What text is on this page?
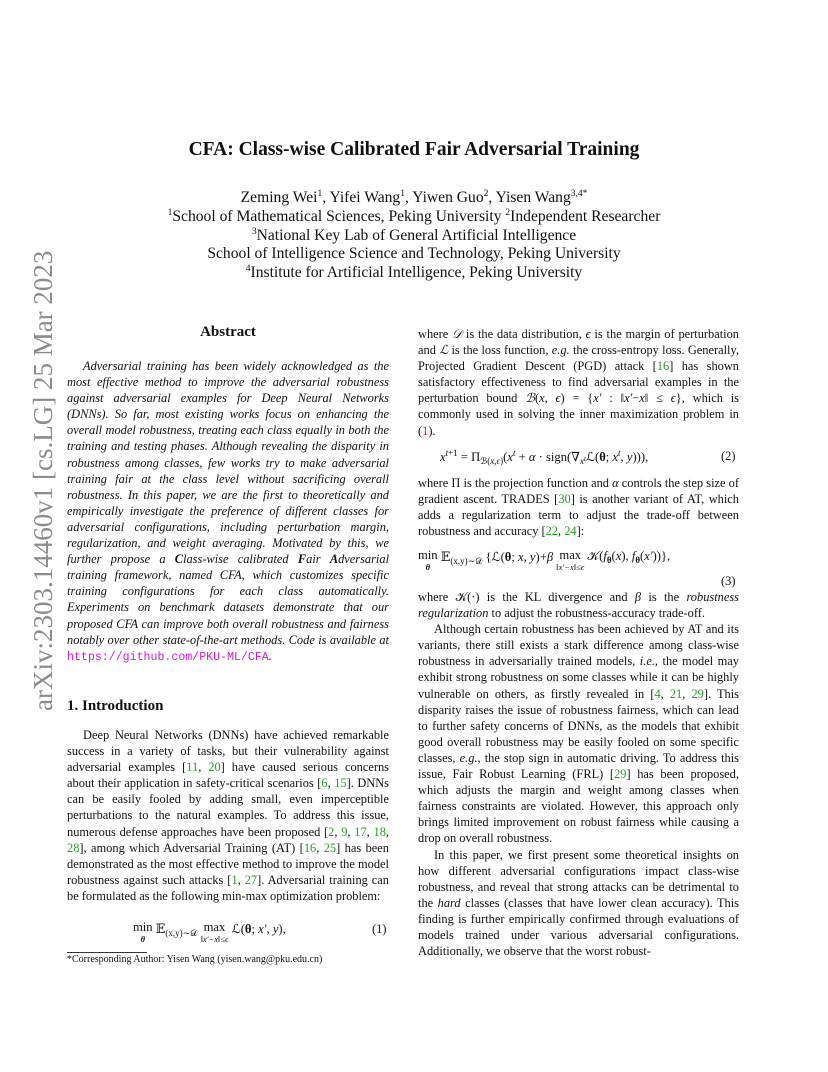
arXiv:2303.14460v1 [cs.LG] 25 Mar 2023
CFA: Class-wise Calibrated Fair Adversarial Training
Zeming Wei$^1$, Yifei Wang$^1$, Yiwen Guo$^2$, Yisen Wang$^{3,4*}$
$^1$School of Mathematical Sciences, Peking University $^2$Independent Researcher
$^3$National Key Lab of General Artificial Intelligence
School of Intelligence Science and Technology, Peking University
$^4$Institute for Artificial Intelligence, Peking University
Abstract

Adversarial training has been widely acknowledged as the most effective method to improve the adversarial robustness against adversarial examples for Deep Neural Networks (DNNs). So far, most existing works focus on enhancing the overall model robustness, treating each class equally in both the training and testing phases. Although revealing the disparity in robustness among classes, few works try to make adversarial training fair at the class level without sacrificing overall robustness. In this paper, we are the first to theoretically and empirically investigate the preference of different classes for adversarial configurations, including perturbation margin, regularization, and weight averaging. Motivated by this, we further propose a Class-wise calibrated Fair Adversarial training framework, named CFA, which customizes specific training configurations for each class automatically. Experiments on benchmark datasets demonstrate that our proposed CFA can improve both overall robustness and fairness notably over other state-of-the-art methods. Code is available at https://github.com/PKU-ML/CFA.

1. Introduction

Deep Neural Networks (DNNs) have achieved remarkable success in a variety of tasks, but their vulnerability against adversarial examples [11, 20] have caused serious concerns about their application in safety-critical scenarios [6, 15]. DNNs can be easily fooled by adding small, even imperceptible perturbations to the natural examples. To address this issue, numerous defense approaches have been proposed [2, 9, 17, 18, 28], among which Adversarial Training (AT) [16, 25] has been demonstrated as the most effective method to improve the model robustness against such attacks [1, 27]. Adversarial training can be formulated as the following min-max optimization problem:

min
θ
𝔼$_{(x,y)\sim 𝒟}$ max
‖x′−x‖≤ϵ
ℒ(θ; x′, y),	(1)
*Corresponding Author: Yisen Wang (yisen.wang@pku.edu.cn)

where 𝒟 is the data distribution, ϵ is the margin of perturbation and ℒ is the loss function, e.g. the cross-entropy loss. Generally, Projected Gradient Descent (PGD) attack [16] has shown satisfactory effectiveness to find adversarial examples in the perturbation bound ℬ(x, ϵ) = {x′ : ‖x′−x‖ ≤ ϵ}, which is commonly used in solving the inner maximization problem in (1).

$x^{t+1} = \Pi_{ℬ(x,\epsilon)}(x^t + \alpha$ · $sign(\nabla_{x^t}ℒ(\theta$; $x^t$, y))),	(2)

where Π is the projection function and α controls the step size of gradient ascent. TRADES [30] is another variant of AT, which adds a regularization term to adjust the trade-off between robustness and accuracy [22, 24]:

min
θ
𝔼$_{(x,y)\sim 𝒟}$ {ℒ(θ; x, y)+β max
‖x′−x‖≤ϵ
$𝒦(f_\theta(x)$, $f_\theta(x')$)},
(3)

where 𝒦(·) is the KL divergence and β is the robustness regularization to adjust the robustness-accuracy trade-off.

Although certain robustness has been achieved by AT and its variants, there still exists a stark difference among class-wise robustness in adversarially trained models, i.e., the model may exhibit strong robustness on some classes while it can be highly vulnerable on others, as firstly revealed in [4, 21, 29]. This disparity raises the issue of robustness fairness, which can lead to further safety concerns of DNNs, as the models that exhibit good overall robustness may be easily fooled on some specific classes, e.g., the stop sign in automatic driving. To address this issue, Fair Robust Learning (FRL) [29] has been proposed, which adjusts the margin and weight among classes when fairness constraints are violated. However, this approach only brings limited improvement on robust fairness while causing a drop on overall robustness.

In this paper, we first present some theoretical insights on how different adversarial configurations impact class-wise robustness, and reveal that strong attacks can be detrimental to the hard classes (classes that have lower clean accuracy). This finding is further empirically confirmed through evaluations of models trained under various adversarial configurations. Additionally, we observe that the worst robust-
